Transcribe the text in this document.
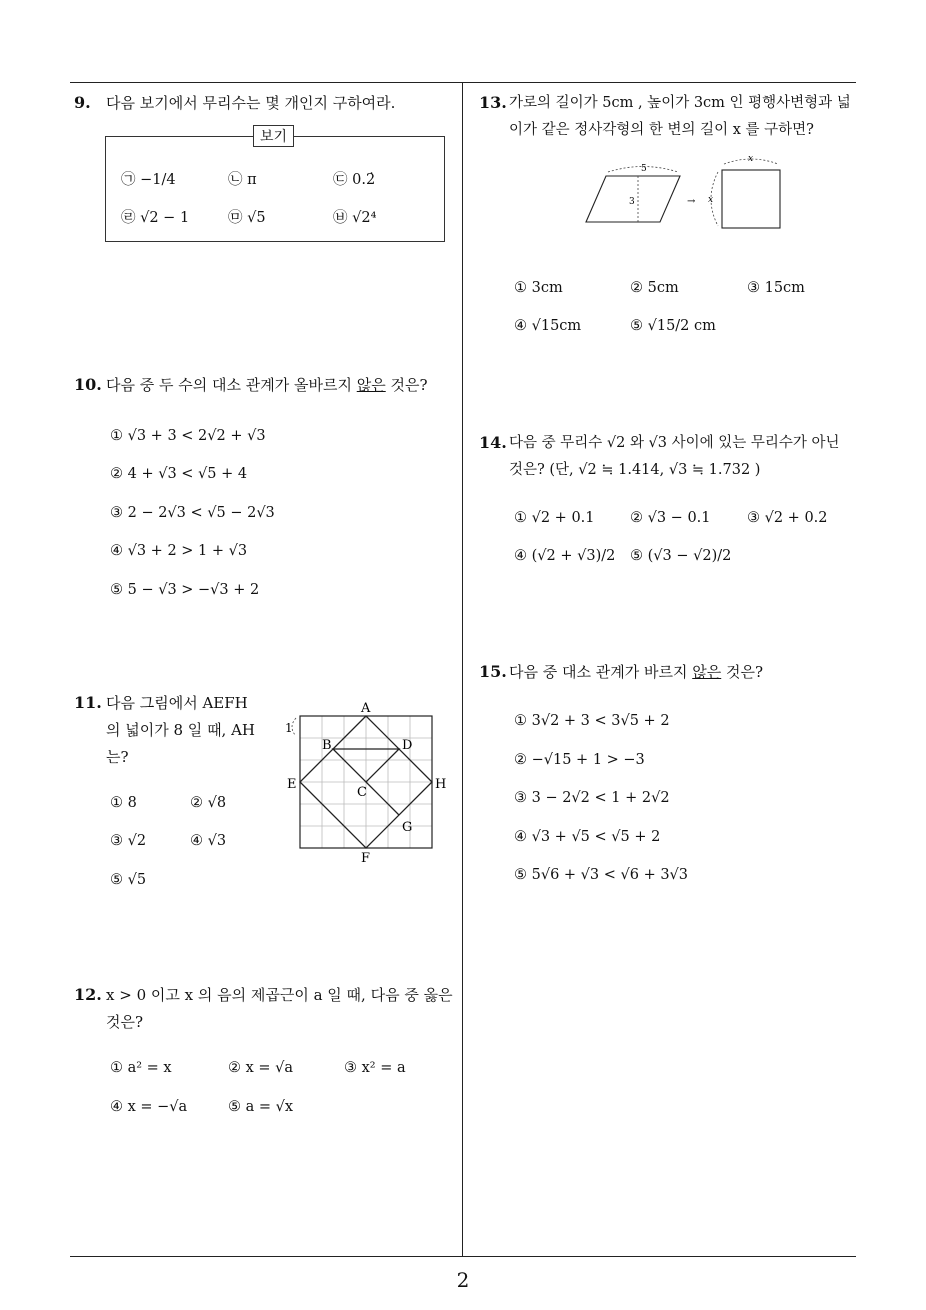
9. 다음 보기에서 무리수는 몇 개인지 구하여라.
보기
㉠ −1/4	㉡ π	㉢ 0.2̇
㉣ √2 − 1	㉤ √5	㉥ √2⁴
10. 다음 중 두 수의 대소 관계가 올바르지 않은 것은?
① √3 + 3 < 2√2 + √3
② 4 + √3 < √5 + 4
③ 2 − 2√3 < √5 − 2√3
④ √3 + 2 > 1 + √3
⑤ 5 − √3 > −√3 + 2
11. 다음 그림에서 AEFH
의 넓이가 8 일 때, AH
는?
① 8	② √8
③ √2	④ √3
⑤ √5
1
A
B	D
E
C
H
G
F
12. x > 0 이고 x 의 음의 제곱근이 a 일 때, 다음 중 옳은
것은?
① a² = x	② x = √a	③ x² = a
④ x = −√a	⑤ a = √x
13. 가로의 길이가 5cm , 높이가 3cm 인 평행사변형과 넓
이가 같은 정사각형의 한 변의 길이 x 를 구하면?
5
3	→
x
x
① 3cm	② 5cm	③ 15cm
④ √15cm	⑤ √15/2 cm
14. 다음 중 무리수 √2 와 √3 사이에 있는 무리수가 아닌
것은? (단, √2 ≒ 1.414, √3 ≒ 1.732 )
① √2 + 0.1 ② √3 − 0.1	③ √2 + 0.2
④ (√2 + √3)/2 ⑤ (√3 − √2)/2
15. 다음 중 대소 관계가 바르지 않은 것은?
① 3√2 + 3 < 3√5 + 2
② −√15 + 1 > −3
③ 3 − 2√2 < 1 + 2√2
④ √3 + √5 < √5 + 2
⑤ 5√6 + √3 < √6 + 3√3
2
